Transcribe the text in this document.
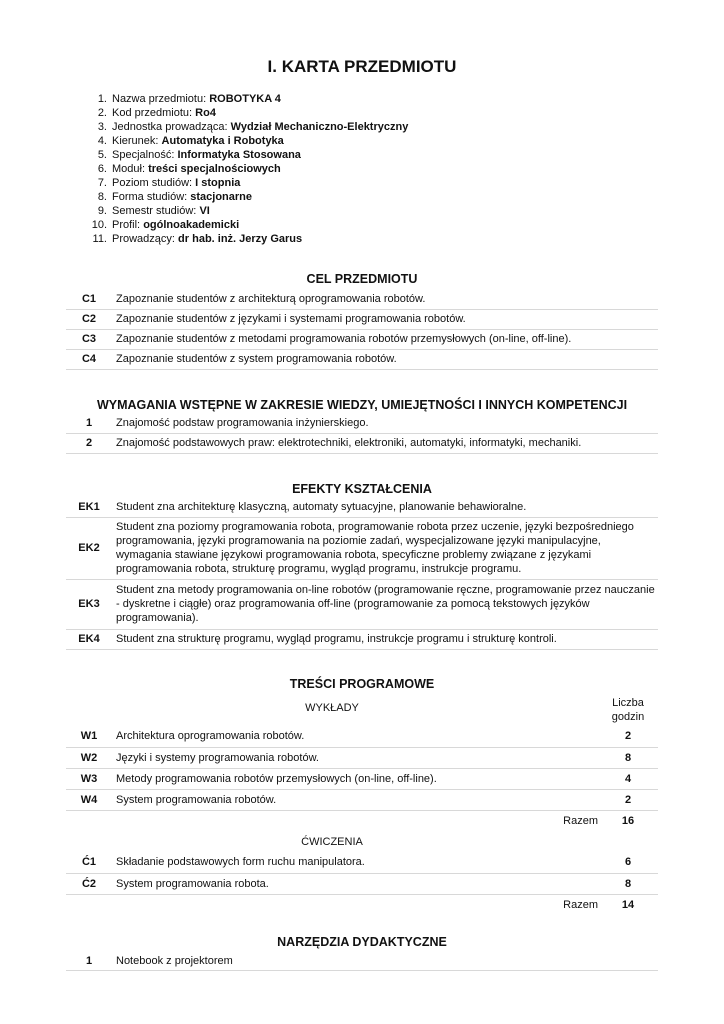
I. KARTA PRZEDMIOTU
1. Nazwa przedmiotu: ROBOTYKA 4
2. Kod przedmiotu: Ro4
3. Jednostka prowadząca: Wydział Mechaniczno-Elektryczny
4. Kierunek: Automatyka i Robotyka
5. Specjalność: Informatyka Stosowana
6. Moduł: treści specjalnościowych
7. Poziom studiów: I stopnia
8. Forma studiów: stacjonarne
9. Semestr studiów: VI
10. Profil: ogólnoakademicki
11. Prowadzący: dr hab. inż. Jerzy Garus
CEL PRZEDMIOTU
C1	Zapoznanie studentów z architekturą oprogramowania robotów.
C2	Zapoznanie studentów z językami i systemami programowania robotów.
C3	Zapoznanie studentów z metodami programowania robotów przemysłowych (on-line, off-line).
C4	Zapoznanie studentów z system programowania robotów.
WYMAGANIA WSTĘPNE W ZAKRESIE WIEDZY, UMIEJĘTNOŚCI I INNYCH KOMPETENCJI
1	Znajomość podstaw programowania inżynierskiego.
2	Znajomość podstawowych praw: elektrotechniki, elektroniki, automatyki, informatyki, mechaniki.
EFEKTY KSZTAŁCENIA
EK1	Student zna architekturę klasyczną, automaty sytuacyjne, planowanie behawioralne.
EK2	Student zna poziomy programowania robota, programowanie robota przez uczenie, języki bezpośredniego programowania, języki programowania na poziomie zadań, wyspecjalizowane języki manipulacyjne, wymagania stawiane językowi programowania robota, specyficzne problemy związane z językami programowania robota, strukturę programu, wygląd programu, instrukcje programu.
EK3	Student zna metody programowania on-line robotów (programowanie ręczne, programowanie przez nauczanie - dyskretne i ciągłe) oraz programowania off-line (programowanie za pomocą tekstowych języków programowania).
EK4	Student zna strukturę programu, wygląd programu, instrukcje programu i strukturę kontroli.
TREŚCI PROGRAMOWE
WYKŁADY		Liczba godzin
W1	Architektura oprogramowania robotów.	2
W2	Języki i systemy programowania robotów.	8
W3	Metody programowania robotów przemysłowych (on-line, off-line).	4
W4	System programowania robotów.	2
	Razem	16
ĆWICZENIA		
Ć1	Składanie podstawowych form ruchu manipulatora.	6
Ć2	System programowania robota.	8
	Razem	14
NARZĘDZIA DYDAKTYCZNE
1	Notebook z projektorem
